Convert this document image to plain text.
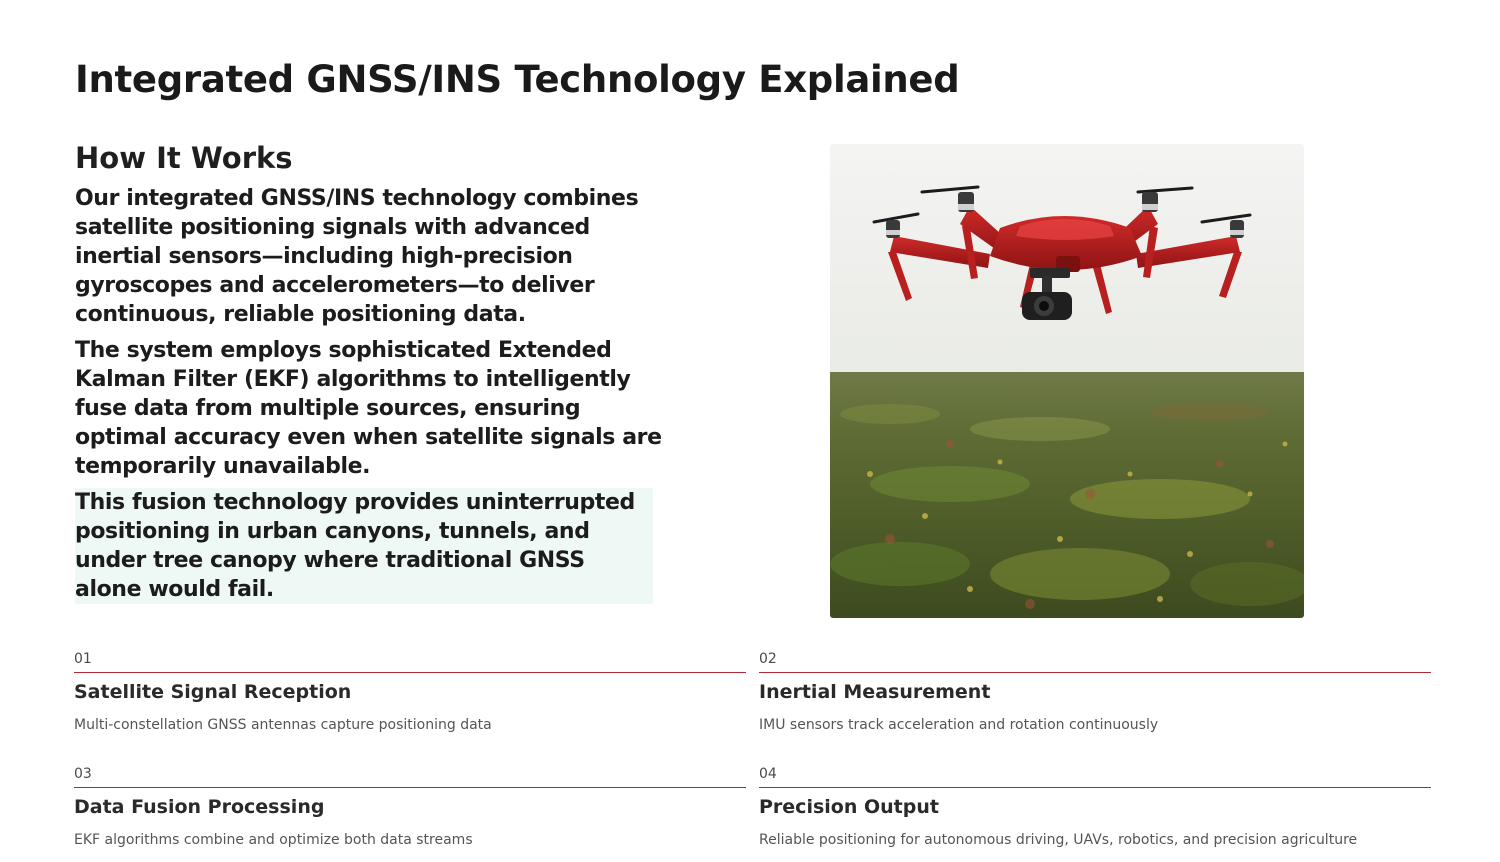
Integrated GNSS/INS Technology Explained
How It Works

Our integrated GNSS/INS technology combines satellite positioning signals with advanced inertial sensors—including high-precision gyroscopes and accelerometers—to deliver continuous, reliable positioning data.

The system employs sophisticated Extended Kalman Filter (EKF) algorithms to intelligently fuse data from multiple sources, ensuring optimal accuracy even when satellite signals are temporarily unavailable.

This fusion technology provides uninterrupted positioning in urban canyons, tunnels, and under tree canopy where traditional GNSS alone would fail.

01
Satellite Signal Reception
Multi-constellation GNSS antennas capture positioning data
02
Inertial Measurement
IMU sensors track acceleration and rotation continuously
03
Data Fusion Processing
EKF algorithms combine and optimize both data streams
04
Precision Output
Reliable positioning for autonomous driving, UAVs, robotics, and precision agriculture
